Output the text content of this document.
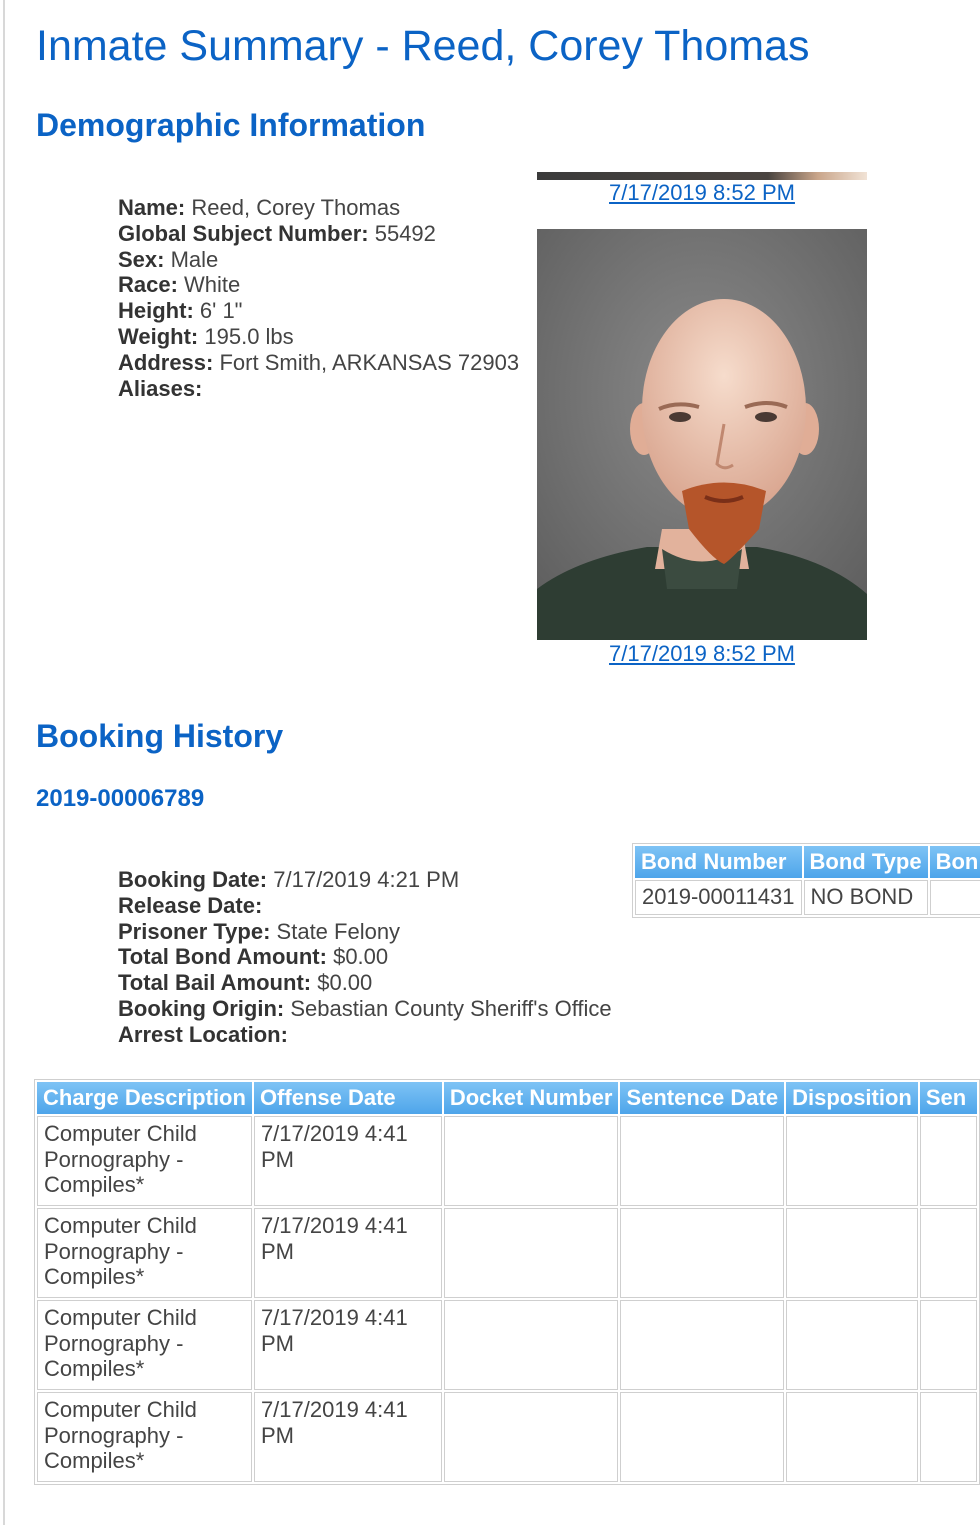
Inmate Summary - Reed, Corey Thomas
Demographic Information
Name: Reed, Corey Thomas
Global Subject Number: 55492
Sex: Male
Race: White
Height: 6' 1"
Weight: 195.0 lbs
Address: Fort Smith, ARKANSAS 72903
Aliases:
7/17/2019 8:52 PM
7/17/2019 8:52 PM
Booking History
2019-00006789
Booking Date: 7/17/2019 4:21 PM
Release Date:
Prisoner Type: State Felony
Total Bond Amount: $0.00
Total Bail Amount: $0.00
Booking Origin: Sebastian County Sheriff's Office
Arrest Location:
Bond Number	Bond Type	Bon
2019-00011431	NO BOND	
Charge Description	Offense Date	Docket Number	Sentence Date	Disposition	Sen
Computer Child Pornography - Compiles*	7/17/2019 4:41 PM				
Computer Child Pornography - Compiles*	7/17/2019 4:41 PM				
Computer Child Pornography - Compiles*	7/17/2019 4:41 PM				
Computer Child Pornography - Compiles*	7/17/2019 4:41 PM				
